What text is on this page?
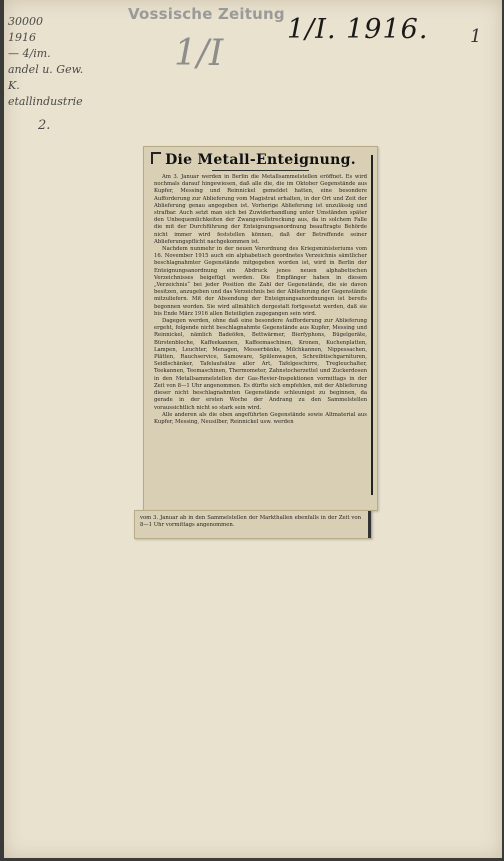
Vossische Zeitung 1/I. 1916. 1
1/I
30000
1916
— 4/im.
andel u. Gew.
K.
etallindustrie
2.
Die Metall-Enteignung.

Am 3. Januar werden in Berlin die Metallsammelstellen eröffnet. Es wird nochmals darauf hingewiesen, daß alle die, die im Oktober Gegenstände aus Kupfer, Messing und Reinnickel gemeldet hatten, eine besondere Aufforderung zur Ablieferung vom Magistrat erhalten, in der Ort und Zeit der Ablieferung genau angegeben ist. Vorherige Ablieferung ist unzulässig und strafbar. Auch setzt man sich bei Zuwiderhandlung unter Umständen später den Unbequemlichkeiten der Zwangsvollstreckung aus, da in solchem Falle die mit der Durchführung der Enteignungsanordnung beauftragte Behörde nicht immer wird feststellen können, daß der Betreffende seiner Ablieferungspflicht nachgekommen ist.

Nachdem nunmehr in der neuen Verordnung des Kriegsministeriums vom 16. November 1915 auch ein alphabetisch geordnetes Verzeichnis sämtlicher beschlagnahmter Gegenstände mitgegeben worden ist, wird in Berlin der Enteignungsanordnung ein Abdruck jenes neuen alphabetischen Verzeichnisses beigefügt werden. Die Empfänger haben in diesem „Verzeichnis“ bei jeder Position die Zahl der Gegenstände, die sie davon besitzen, anzugeben und das Verzeichnis bei der Ablieferung der Gegenstände mitzuliefern. Mit der Absendung der Enteignungsanordnungen ist bereits begonnen worden. Sie wird allmählich dergestalt fortgesetzt werden, daß sie bis Ende März 1916 allen Beteiligten zugegangen sein wird.

Dagegen werden, ohne daß eine besondere Aufforderung zur Ablieferung ergeht, folgende nicht beschlagnahmte Gegenstände aus Kupfer, Messing und Reinnickel, nämlich Badeöfen, Bettwärmer, Bierfyphons, Bügelgeräte, Bürstenbleche, Kaffeekannen, Kaffeemaschinen, Kronen, Kuchenplatten, Lampen, Leuchter, Menagen, Messerbänke, Milchkannen, Nippessachen, Plätten, Rauchservice, Samoware, Spülenwagen, Schreibtischgarnituren, Seidlschänker, Tafelaufsätze aller Art, Tafelgeschirre, Tregleuchalter, Teekannen, Teemaschinen, Thermometer, Zahnstocherzettel und Zuckerdosen in den Metallsammelstellen der Gas-Revier-Inspektionen vormittags in der Zeit von 8—1 Uhr angenommen. Es dürfte sich empfehlen, mit der Ablieferung dieser nicht beschlagnahmten Gegenstände schleunigst zu beginnen, da gerade in der ersten Woche der Andrang zu den Sammelstellen voraussichtlich nicht so stark sein wird.

Alle anderen als die oben angeführten Gegenstände sowie Altmaterial aus Kupfer, Messing, Neusilber, Reinnickel usw. werden

vom 3. Januar ab in den Sammelstellen der Markthallen ebenfalls in der Zeit von 8—1 Uhr vormittags angenommen.
